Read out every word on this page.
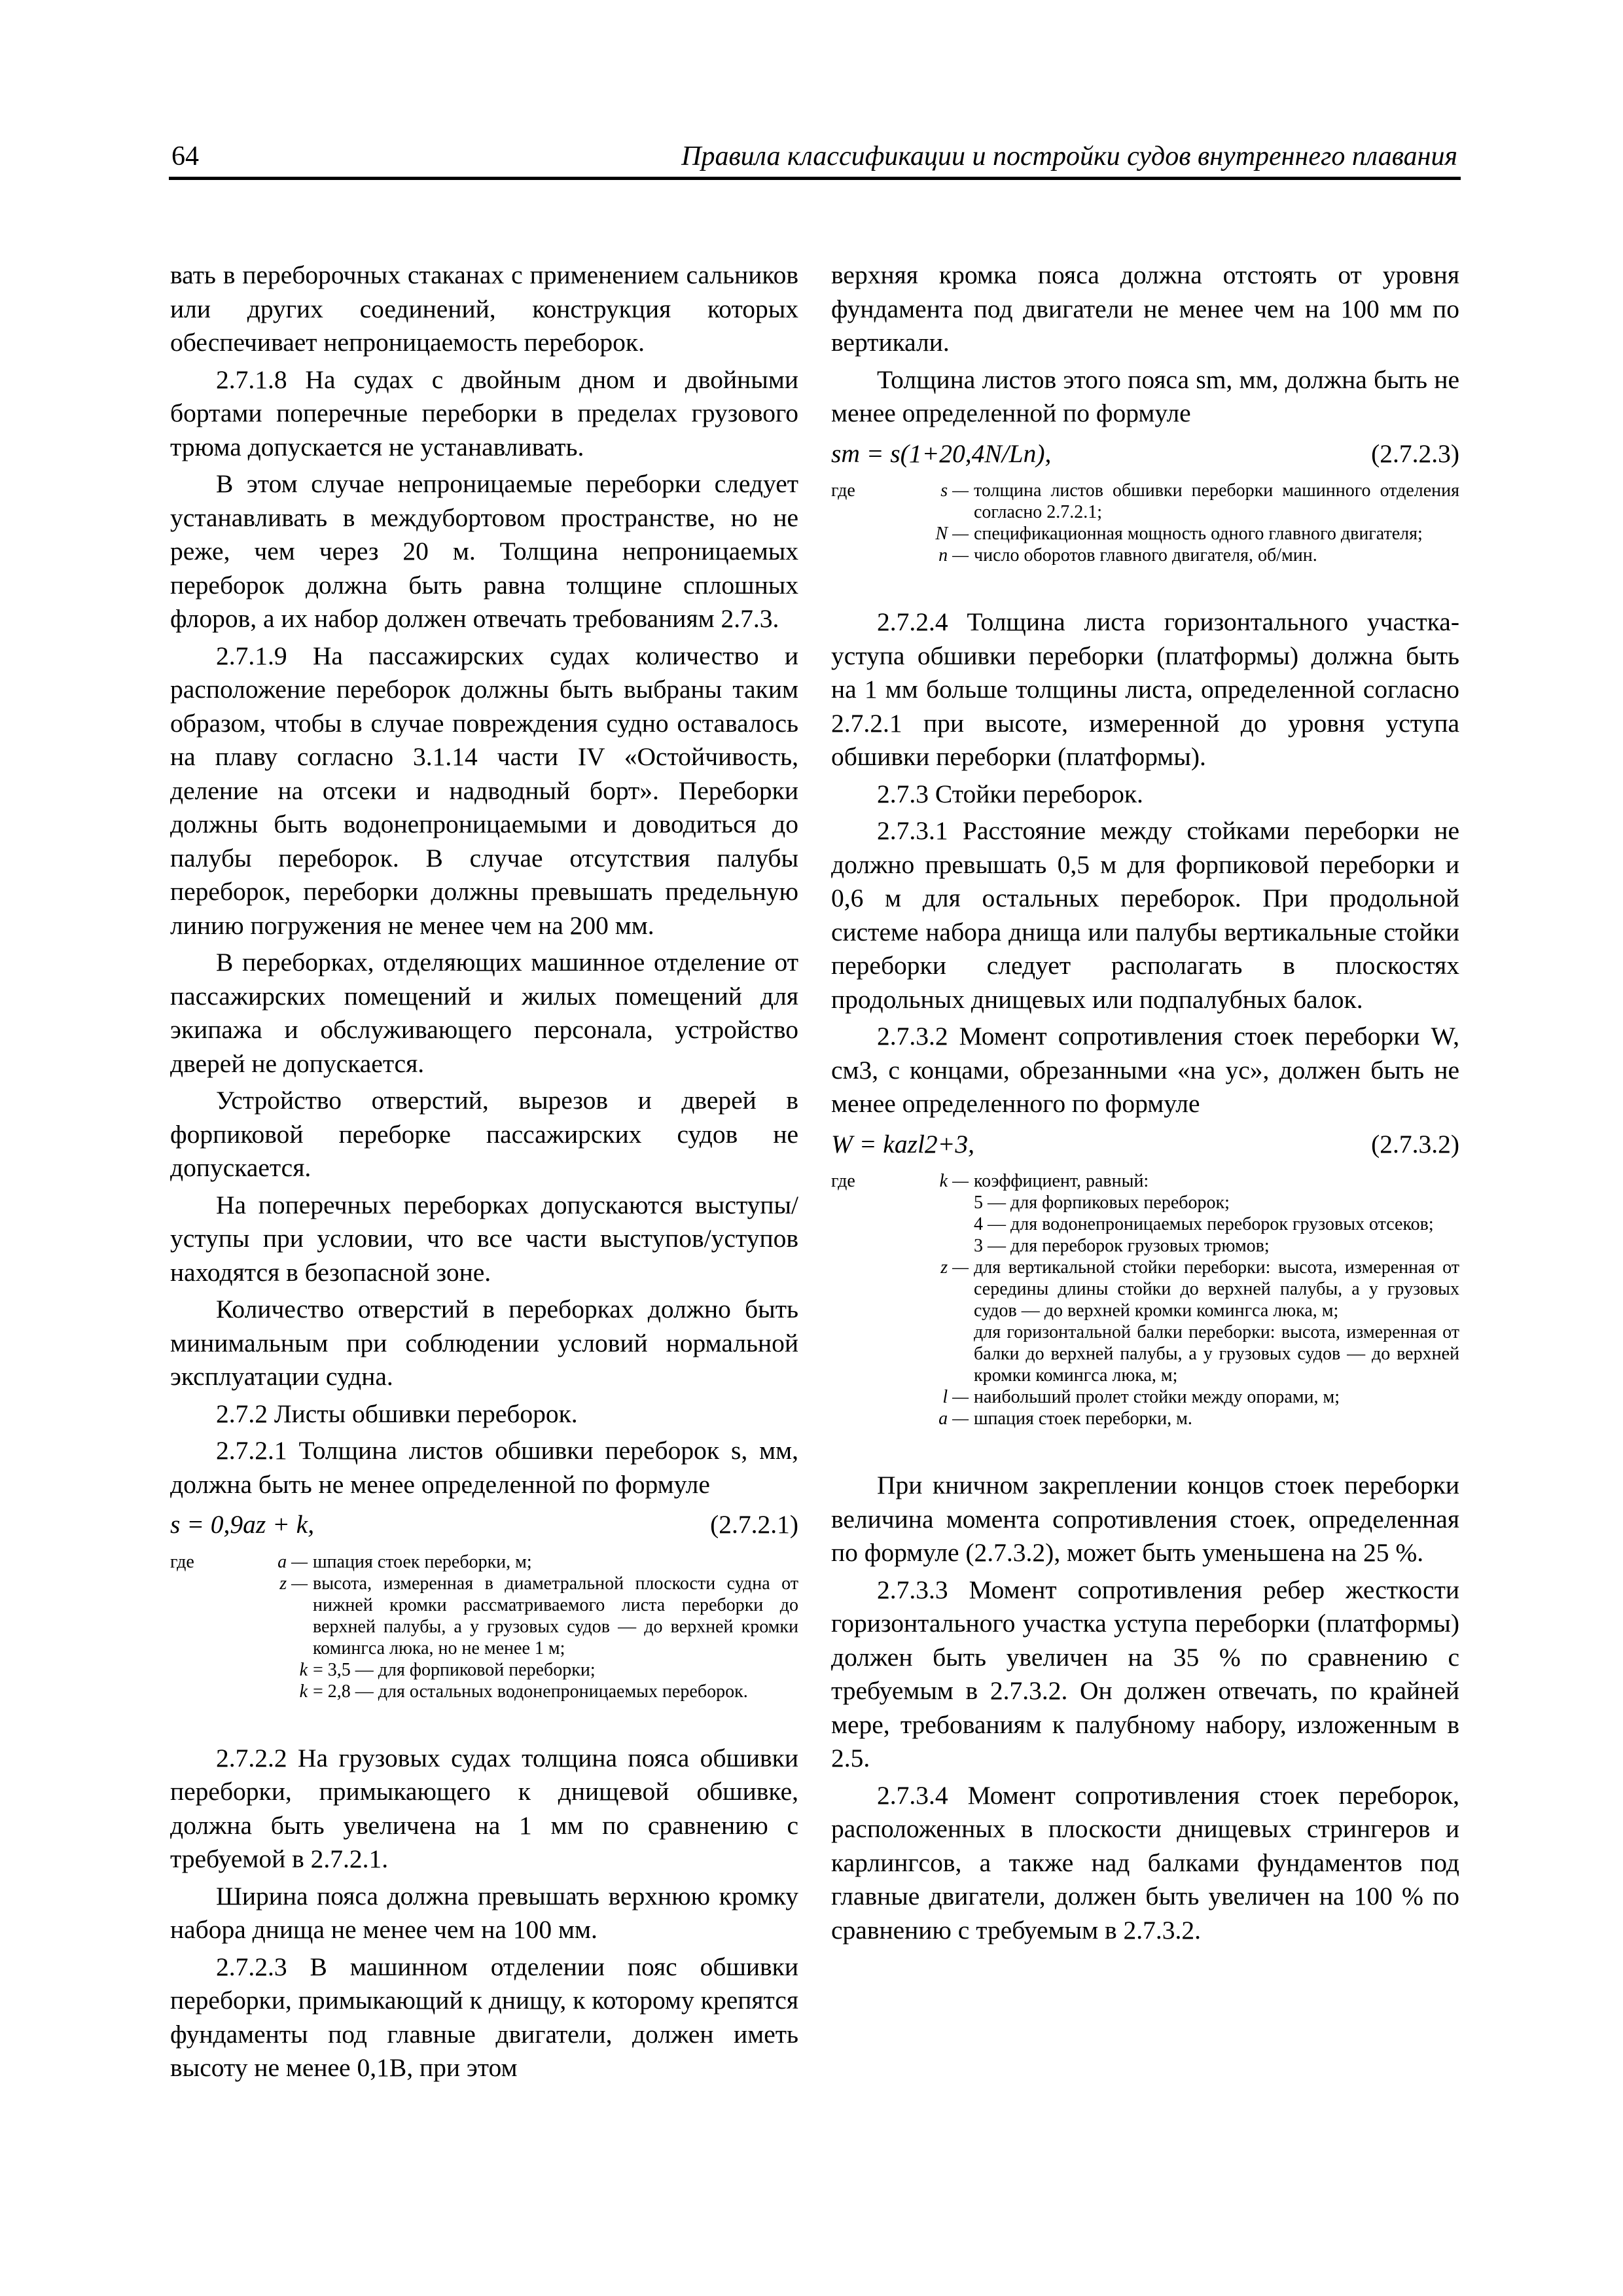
64	Правила классификации и постройки судов внутреннего плавания

вать в переборочных стаканах с применением сальников или других соединений, конструкция которых обеспечивает непроницаемость переборок.

2.7.1.8 На судах с двойным дном и двойными бортами поперечные переборки в пределах грузового трюма допускается не устанавливать.

В этом случае непроницаемые переборки следует устанавливать в междубортовом пространстве, но не реже, чем через 20 м. Толщина непроницаемых переборок должна быть равна толщине сплошных флоров, а их набор должен отвечать требованиям 2.7.3.

2.7.1.9 На пассажирских судах количество и расположение переборок должны быть выбраны таким образом, чтобы в случае повреждения судно оставалось на плаву согласно 3.1.14 части IV «Остойчивость, деление на отсеки и надводный борт». Переборки должны быть водонепроницаемыми и доводиться до палубы переборок. В случае отсутствия палубы переборок, переборки должны превышать предельную линию погружения не менее чем на 200 мм.

В переборках, отделяющих машинное отделение от пассажирских помещений и жилых помещений для экипажа и обслуживающего персонала, устройство дверей не допускается.

Устройство отверстий, вырезов и дверей в форпиковой переборке пассажирских судов не допускается.

На поперечных переборках допускаются выступы/уступы при условии, что все части выступов/уступов находятся в безопасной зоне.

Количество отверстий в переборках должно быть минимальным при соблюдении условий нормальной эксплуатации судна.

2.7.2 Листы обшивки переборок.

2.7.2.1 Толщина листов обшивки переборок s, мм, должна быть не менее определенной по формуле

s = 0,9az + k,	(2.7.2.1)
где	a — шпация стоек переборки, м;
z — высота, измеренная в диаметральной плоскости судна от нижней кромки рассматриваемого листа переборки до верхней палубы, а у грузовых судов — до верхней кромки комингса люка, но не менее 1 м;
k = 3,5 — для форпиковой переборки;
k = 2,8 — для остальных водонепроницаемых переборок.

2.7.2.2 На грузовых судах толщина пояса обшивки переборки, примыкающего к днищевой обшивке, должна быть увеличена на 1 мм по сравнению с требуемой в 2.7.2.1.

Ширина пояса должна превышать верхнюю кромку набора днища не менее чем на 100 мм.

2.7.2.3 В машинном отделении пояс обшивки переборки, примыкающий к днищу, к которому крепятся фундаменты под главные двигатели, должен иметь высоту не менее 0,1B, при этом

верхняя кромка пояса должна отстоять от уровня фундамента под двигатели не менее чем на 100 мм по вертикали.

Толщина листов этого пояса sm, мм, должна быть не менее определенной по формуле

sm = s(1+20,4N/Ln),	(2.7.2.3)
где	s — толщина листов обшивки переборки машинного отделения согласно 2.7.2.1;
N — спецификационная мощность одного главного двигателя;
n — число оборотов главного двигателя, об/мин.

2.7.2.4 Толщина листа горизонтального участка-уступа обшивки переборки (платформы) должна быть на 1 мм больше толщины листа, определенной согласно 2.7.2.1 при высоте, измеренной до уровня уступа обшивки переборки (платформы).

2.7.3 Стойки переборок.

2.7.3.1 Расстояние между стойками переборки не должно превышать 0,5 м для форпиковой переборки и 0,6 м для остальных переборок. При продольной системе набора днища или палубы вертикальные стойки переборки следует располагать в плоскостях продольных днищевых или подпалубных балок.

2.7.3.2 Момент сопротивления стоек переборки W, см3, с концами, обрезанными «на ус», должен быть не менее определенного по формуле

W = kazl2+3,	(2.7.3.2)
где	k — коэффициент, равный:
5 — для форпиковых переборок;
4 — для водонепроницаемых переборок грузовых отсеков;
3 — для переборок грузовых трюмов;
z — для вертикальной стойки переборки: высота, измеренная от середины длины стойки до верхней палубы, а у грузовых судов — до верхней кромки комингса люка, м;
для горизонтальной балки переборки: высота, измеренная от балки до верхней палубы, а у грузовых судов — до верхней кромки комингса люка, м;
l — наибольший пролет стойки между опорами, м;
a — шпация стоек переборки, м.

При кничном закреплении концов стоек переборки величина момента сопротивления стоек, определенная по формуле (2.7.3.2), может быть уменьшена на 25 %.

2.7.3.3 Момент сопротивления ребер жесткости горизонтального участка уступа переборки (платформы) должен быть увеличен на 35 % по сравнению с требуемым в 2.7.3.2. Он должен отвечать, по крайней мере, требованиям к палубному набору, изложенным в 2.5.

2.7.3.4 Момент сопротивления стоек переборок, расположенных в плоскости днищевых стрингеров и карлингсов, а также над балками фундаментов под главные двигатели, должен быть увеличен на 100 % по сравнению с требуемым в 2.7.3.2.
